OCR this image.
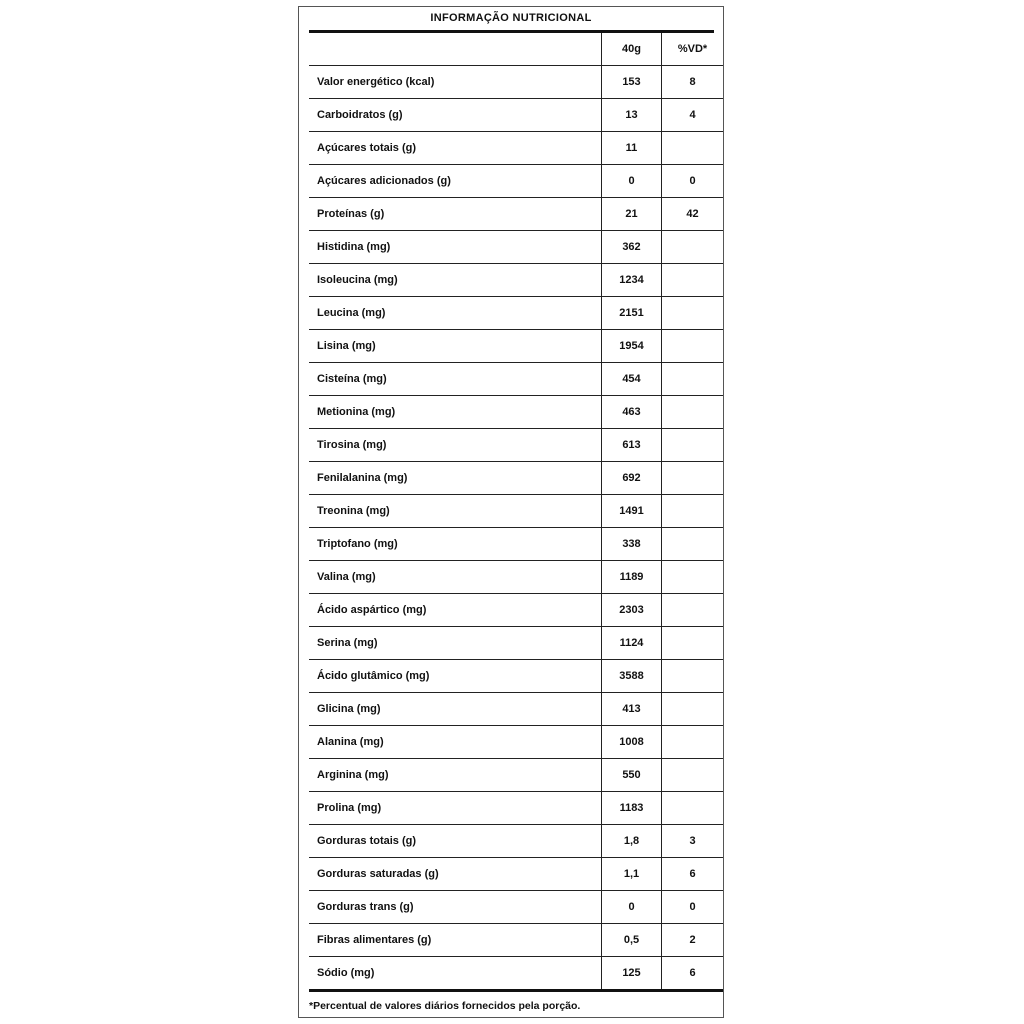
INFORMAÇÃO NUTRICIONAL
	40g	%VD*
Valor energético (kcal)	153	8
Carboidratos (g)	13	4
Açúcares totais (g)	11	
Açúcares adicionados (g)	0	0
Proteínas (g)	21	42
Histidina (mg)	362	
Isoleucina (mg)	1234	
Leucina (mg)	2151	
Lisina (mg)	1954	
Cisteína (mg)	454	
Metionina (mg)	463	
Tirosina (mg)	613	
Fenilalanina (mg)	692	
Treonina (mg)	1491	
Triptofano (mg)	338	
Valina (mg)	1189	
Ácido aspártico (mg)	2303	
Serina (mg)	1124	
Ácido glutâmico (mg)	3588	
Glicina (mg)	413	
Alanina (mg)	1008	
Arginina (mg)	550	
Prolina (mg)	1183	
Gorduras totais (g)	1,8	3
Gorduras saturadas (g)	1,1	6
Gorduras trans (g)	0	0
Fibras alimentares (g)	0,5	2
Sódio (mg)	125	6
*Percentual de valores diários fornecidos pela porção.
